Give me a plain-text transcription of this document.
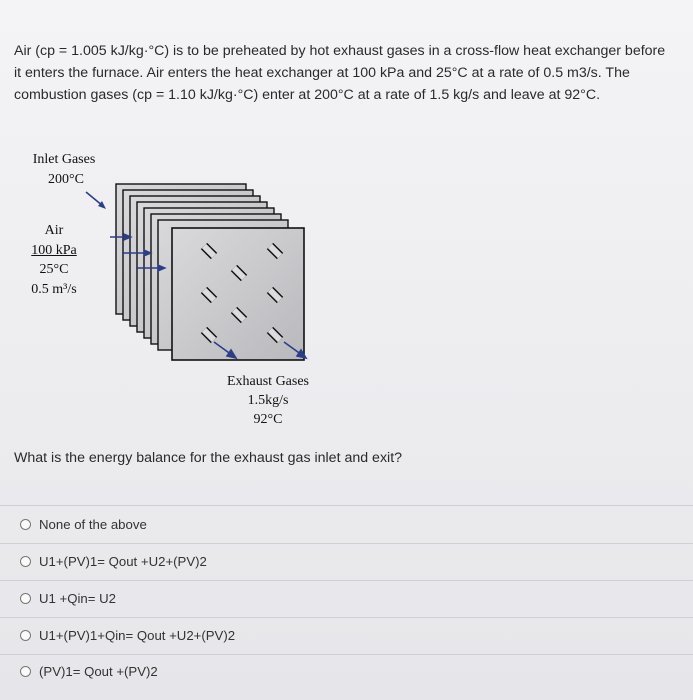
Air (cp = 1.005 kJ/kg·°C) is to be preheated by hot exhaust gases in a cross-flow heat exchanger before it enters the furnace. Air enters the heat exchanger at 100 kPa and 25°C at a rate of 0.5 m3/s. The combustion gases (cp = 1.10 kJ/kg·°C) enter at 200°C at a rate of 1.5 kg/s and leave at 92°C.
Inlet Gases
200°C
Air
100 kPa
25°C
0.5 m³/s
Exhaust Gases
1.5kg/s
92°C
What is the energy balance for the exhaust gas inlet and exit?
None of the above
U1+(PV)1= Qout +U2+(PV)2
U1 +Qin= U2
U1+(PV)1+Qin= Qout +U2+(PV)2
(PV)1= Qout +(PV)2
